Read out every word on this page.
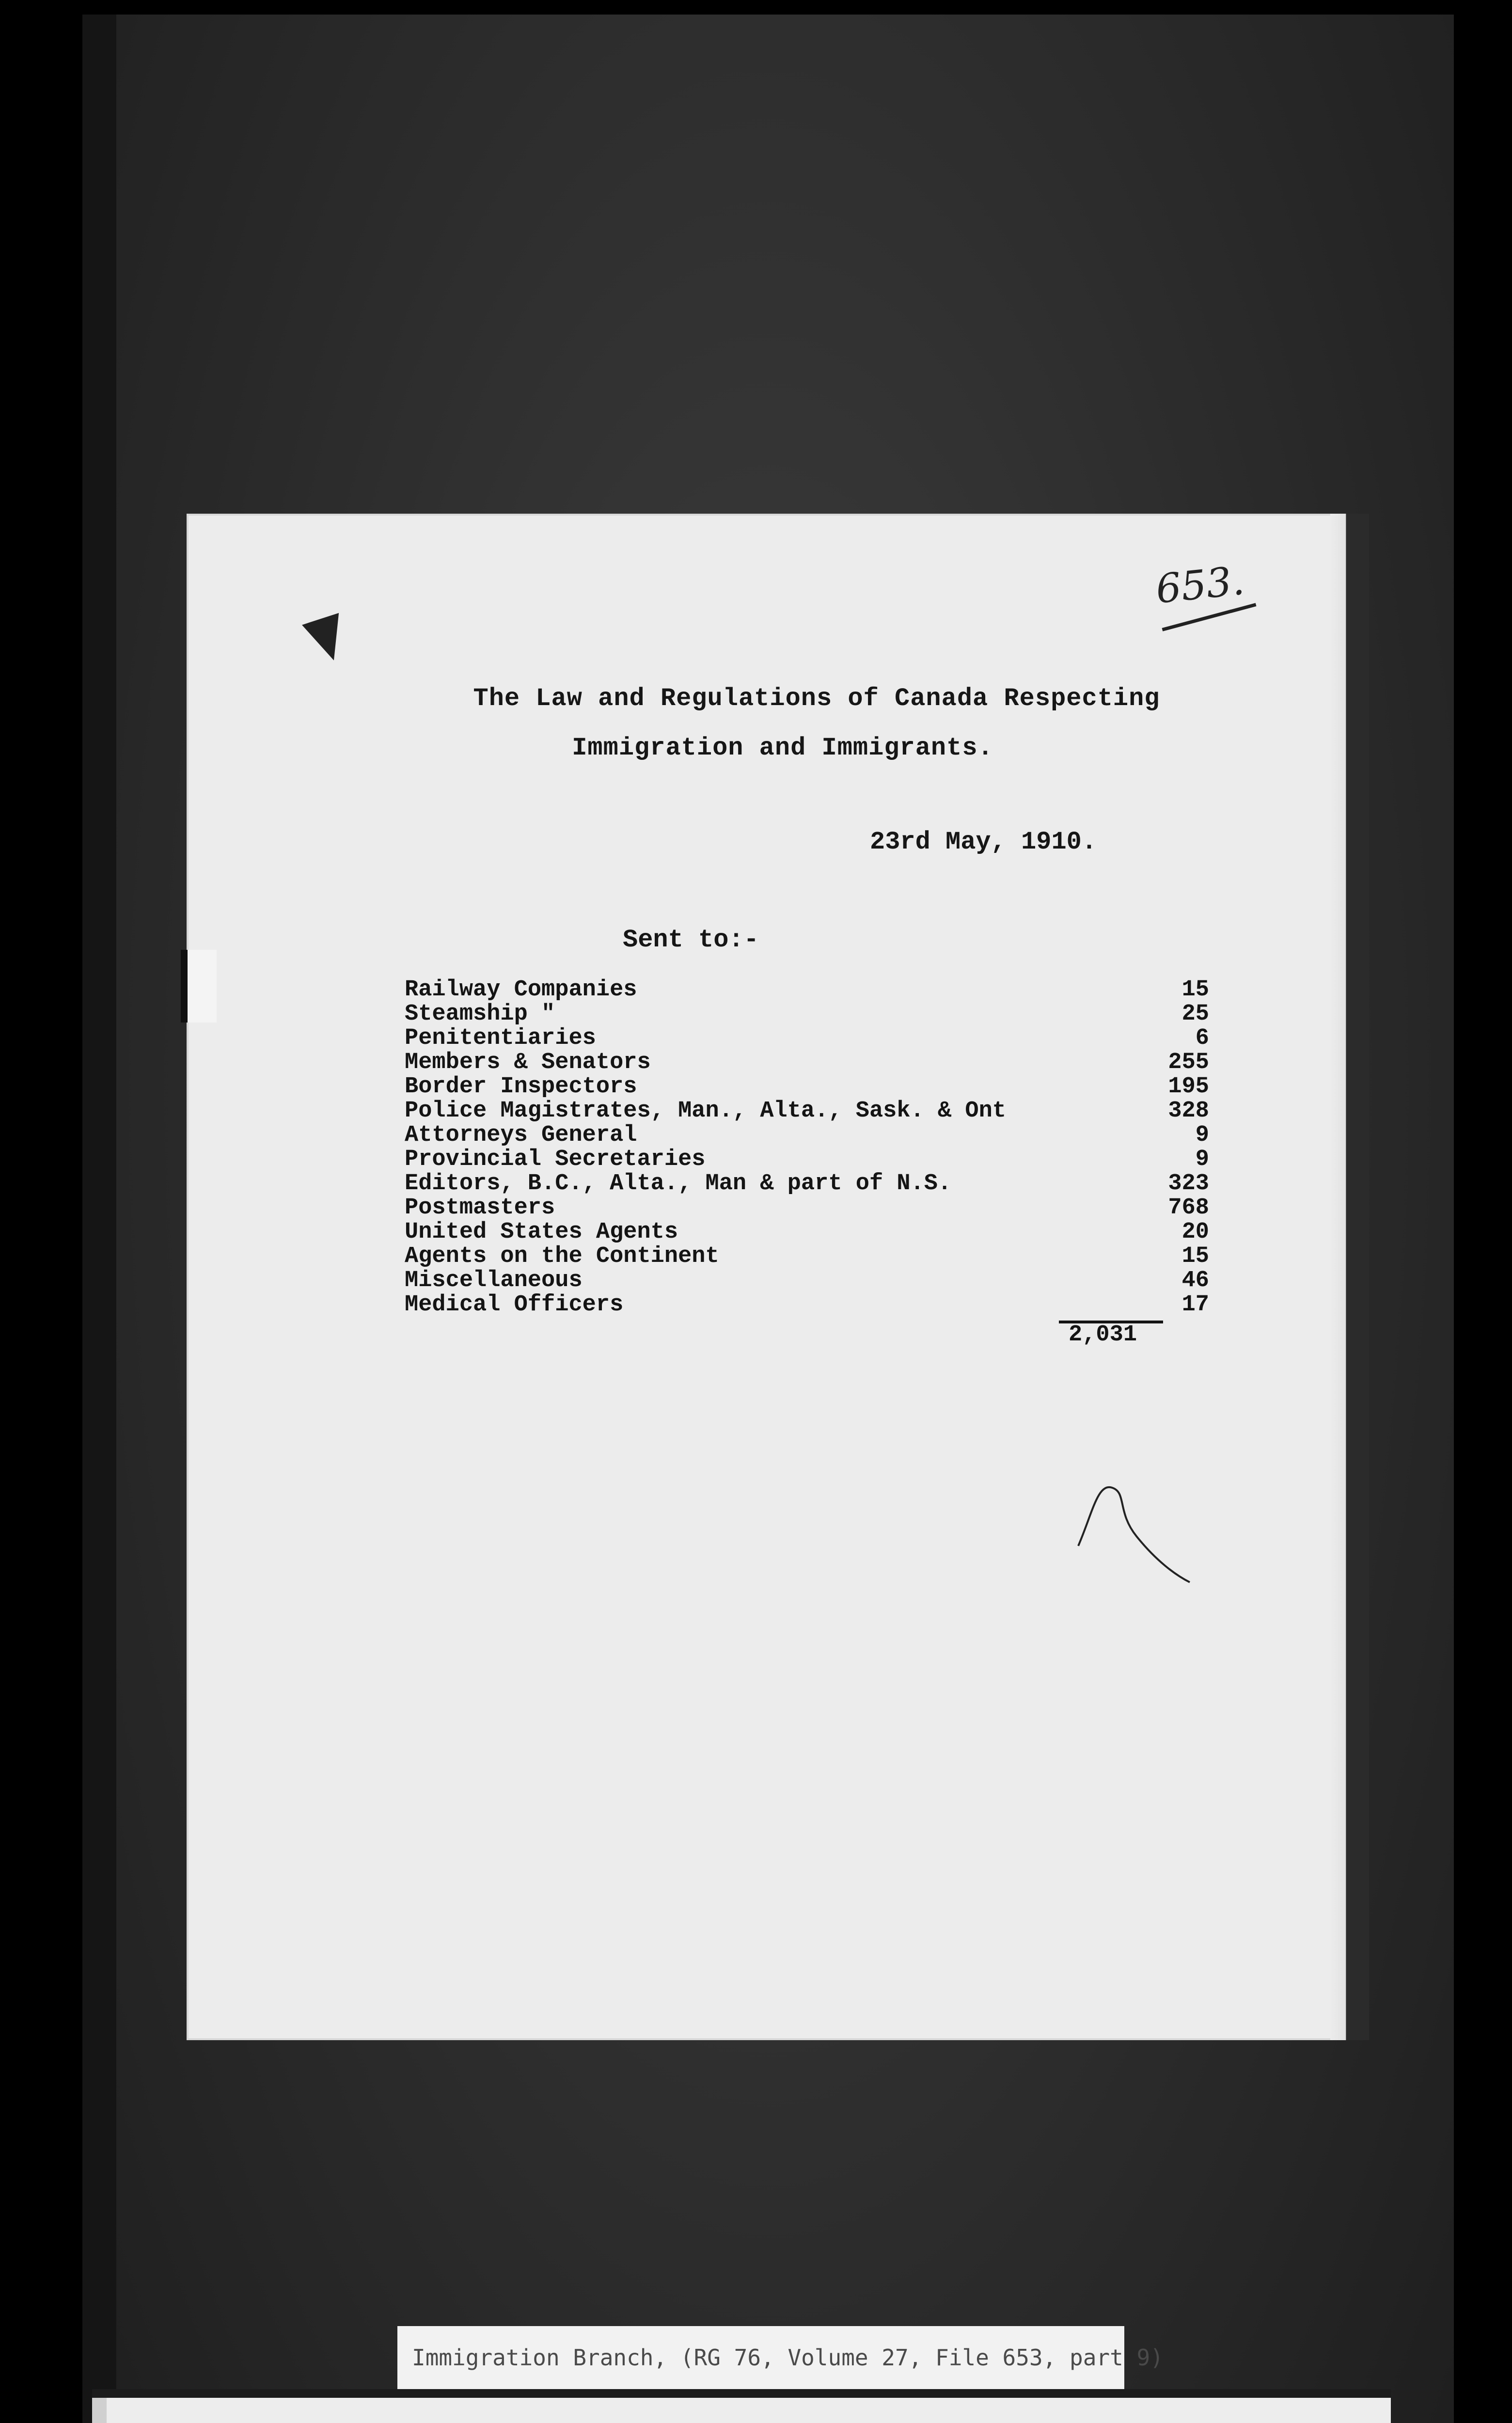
653.
The Law and Regulations of Canada Respecting
Immigration and Immigrants.
23rd May, 1910.
Sent to:-
Railway Companies	15
Steamship "	25
Penitentiaries	6
Members & Senators	255
Border Inspectors	195
Police Magistrates, Man., Alta., Sask. & Ont	328
Attorneys General	9
Provincial Secretaries	9
Editors, B.C., Alta., Man & part of N.S.	323
Postmasters	768
United States Agents	20
Agents on the Continent	15
Miscellaneous	46
Medical Officers	17
2,031
Immigration Branch, (RG 76, Volume 27, File 653, part 9)
